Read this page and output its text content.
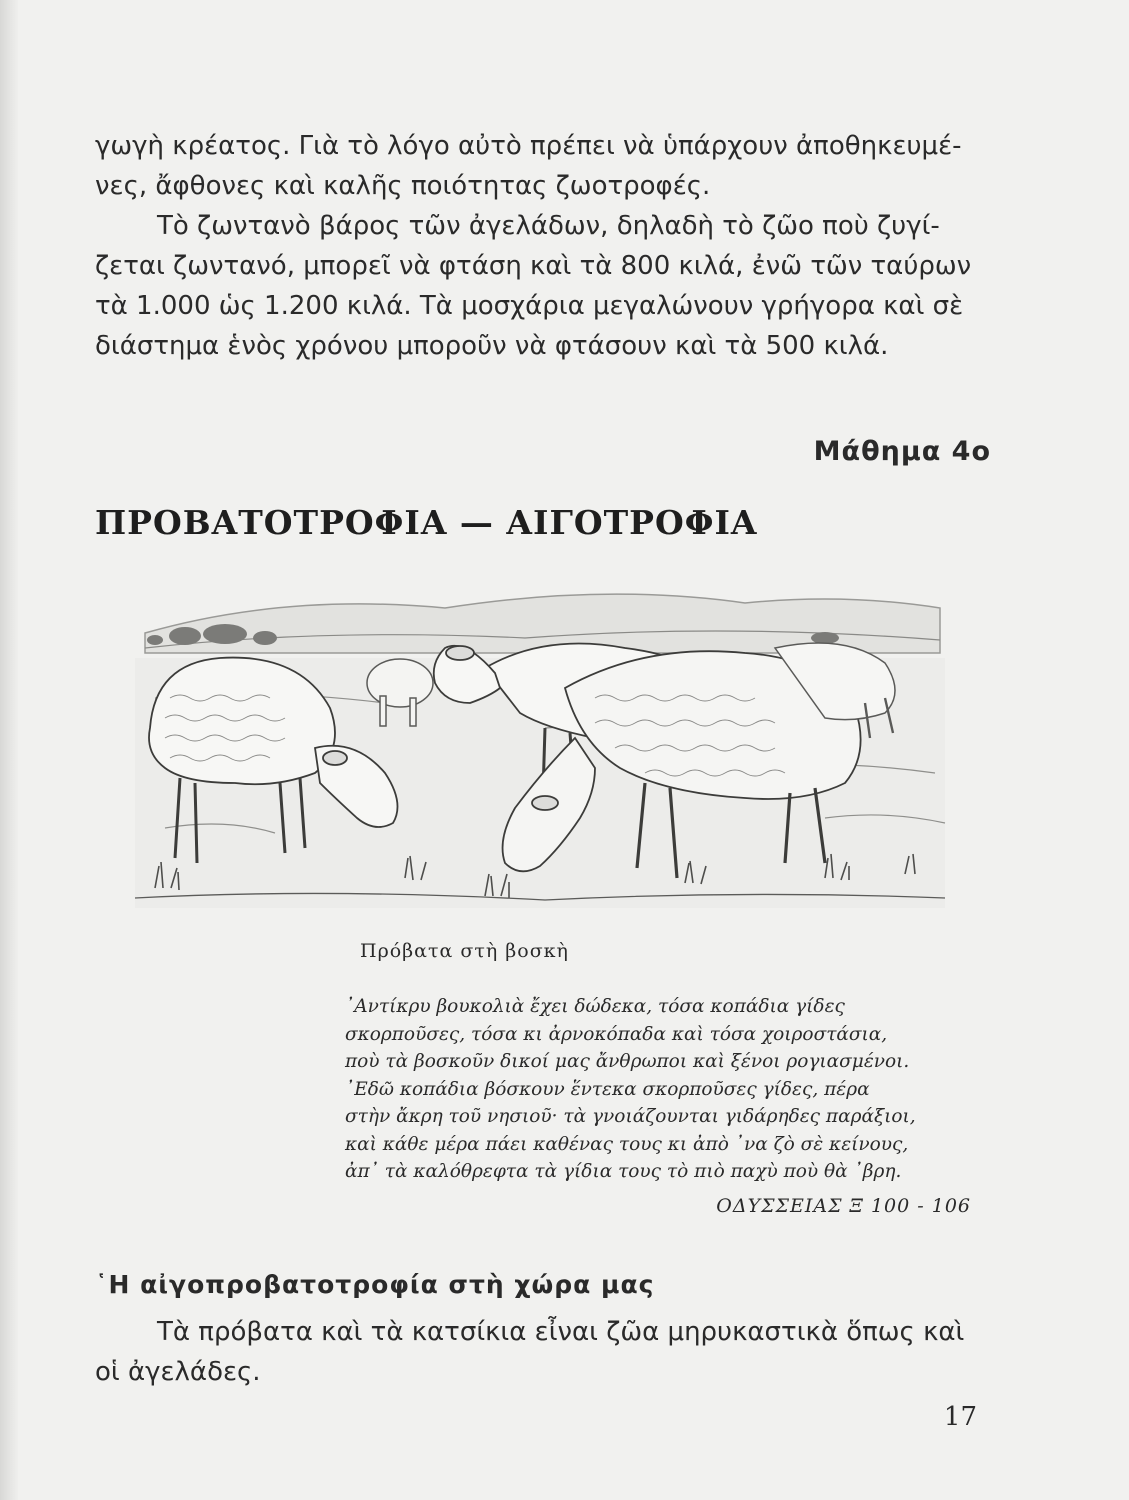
γωγὴ κρέατος. Γιὰ τὸ λόγο αὐτὸ πρέπει νὰ ὑπάρχουν ἀποθηκευμέ-
νες, ἄφθονες καὶ καλῆς ποιότητας ζωοτροφές.

Τὸ ζωντανὸ βάρος τῶν ἀγελάδων, δηλαδὴ τὸ ζῶο ποὺ ζυγί-
ζεται ζωντανό, μπορεῖ νὰ φτάση καὶ τὰ 800 κιλά, ἐνῶ τῶν ταύρων
τὰ 1.000 ὡς 1.200 κιλά. Τὰ μοσχάρια μεγαλώνουν γρήγορα καὶ σὲ
διάστημα ἑνὸς χρόνου μποροῦν νὰ φτάσουν καὶ τὰ 500 κιλά.

Μάθημα 4ο
ΠΡΟΒΑΤΟΤΡΟΦΙΑ — ΑΙΓΟΤΡΟΦΙΑ
Πρόβατα στὴ βοσκὴ
᾽Αντίκρυ βουκολιὰ ἔχει δώδεκα, τόσα κοπάδια γίδες
σκορποῦσες, τόσα κι ἀρνοκόπαδα καὶ τόσα χοιροστάσια,
ποὺ τὰ βοσκοῦν δικοί μας ἄνθρωποι καὶ ξένοι ρογιασμένοι.
᾽Εδῶ κοπάδια βόσκουν ἕντεκα σκορποῦσες γίδες, πέρα
στὴν ἄκρη τοῦ νησιοῦ· τὰ γνοιάζουνται γιδάρηδες παράξιοι,
καὶ κάθε μέρα πάει καθένας τους κι ἀπὸ ᾽να ζὸ σὲ κείνους,
ἀπ᾽ τὰ καλόθρεφτα τὰ γίδια τους τὸ πιὸ παχὺ ποὺ θὰ ᾽βρη.
ΟΔΥΣΣΕΙΑΣ Ξ 100 - 106
῾Η αἰγοπροβατοτροφία στὴ χώρα μας

Τὰ πρόβατα καὶ τὰ κατσίκια εἶναι ζῶα μηρυκαστικὰ ὅπως καὶ
οἱ ἀγελάδες.

17
